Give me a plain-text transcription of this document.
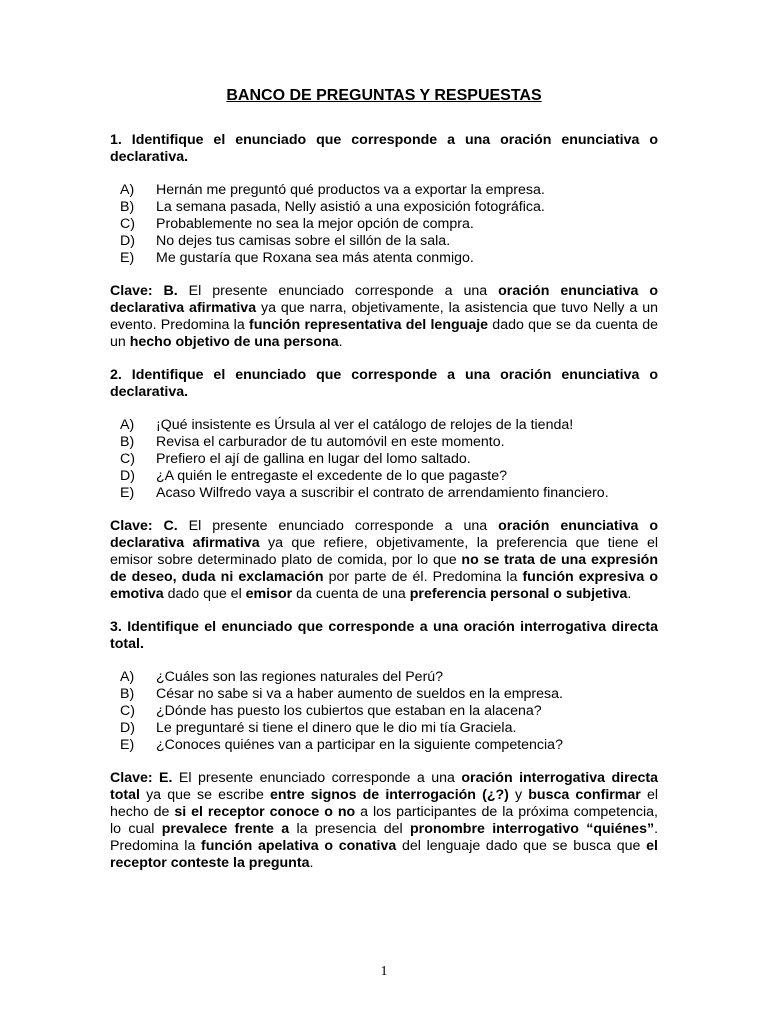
BANCO DE PREGUNTAS Y RESPUESTAS
1. Identifique el enunciado que corresponde a una oración enunciativa o declarativa.
A) Hernán me preguntó qué productos va a exportar la empresa.
B) La semana pasada, Nelly asistió a una exposición fotográfica.
C) Probablemente no sea la mejor opción de compra.
D) No dejes tus camisas sobre el sillón de la sala.
E) Me gustaría que Roxana sea más atenta conmigo.
Clave: B. El presente enunciado corresponde a una oración enunciativa o declarativa afirmativa ya que narra, objetivamente, la asistencia que tuvo Nelly a un evento. Predomina la función representativa del lenguaje dado que se da cuenta de un hecho objetivo de una persona.
2. Identifique el enunciado que corresponde a una oración enunciativa o declarativa.
A) ¡Qué insistente es Úrsula al ver el catálogo de relojes de la tienda!
B) Revisa el carburador de tu automóvil en este momento.
C) Prefiero el ají de gallina en lugar del lomo saltado.
D) ¿A quién le entregaste el excedente de lo que pagaste?
E) Acaso Wilfredo vaya a suscribir el contrato de arrendamiento financiero.
Clave: C. El presente enunciado corresponde a una oración enunciativa o declarativa afirmativa ya que refiere, objetivamente, la preferencia que tiene el emisor sobre determinado plato de comida, por lo que no se trata de una expresión de deseo, duda ni exclamación por parte de él. Predomina la función expresiva o emotiva dado que el emisor da cuenta de una preferencia personal o subjetiva.
3. Identifique el enunciado que corresponde a una oración interrogativa directa total.
A) ¿Cuáles son las regiones naturales del Perú?
B) César no sabe si va a haber aumento de sueldos en la empresa.
C) ¿Dónde has puesto los cubiertos que estaban en la alacena?
D) Le preguntaré si tiene el dinero que le dio mi tía Graciela.
E) ¿Conoces quiénes van a participar en la siguiente competencia?
Clave: E. El presente enunciado corresponde a una oración interrogativa directa total ya que se escribe entre signos de interrogación (¿?) y busca confirmar el hecho de si el receptor conoce o no a los participantes de la próxima competencia, lo cual prevalece frente a la presencia del pronombre interrogativo “quiénes”. Predomina la función apelativa o conativa del lenguaje dado que se busca que el receptor conteste la pregunta.
1
